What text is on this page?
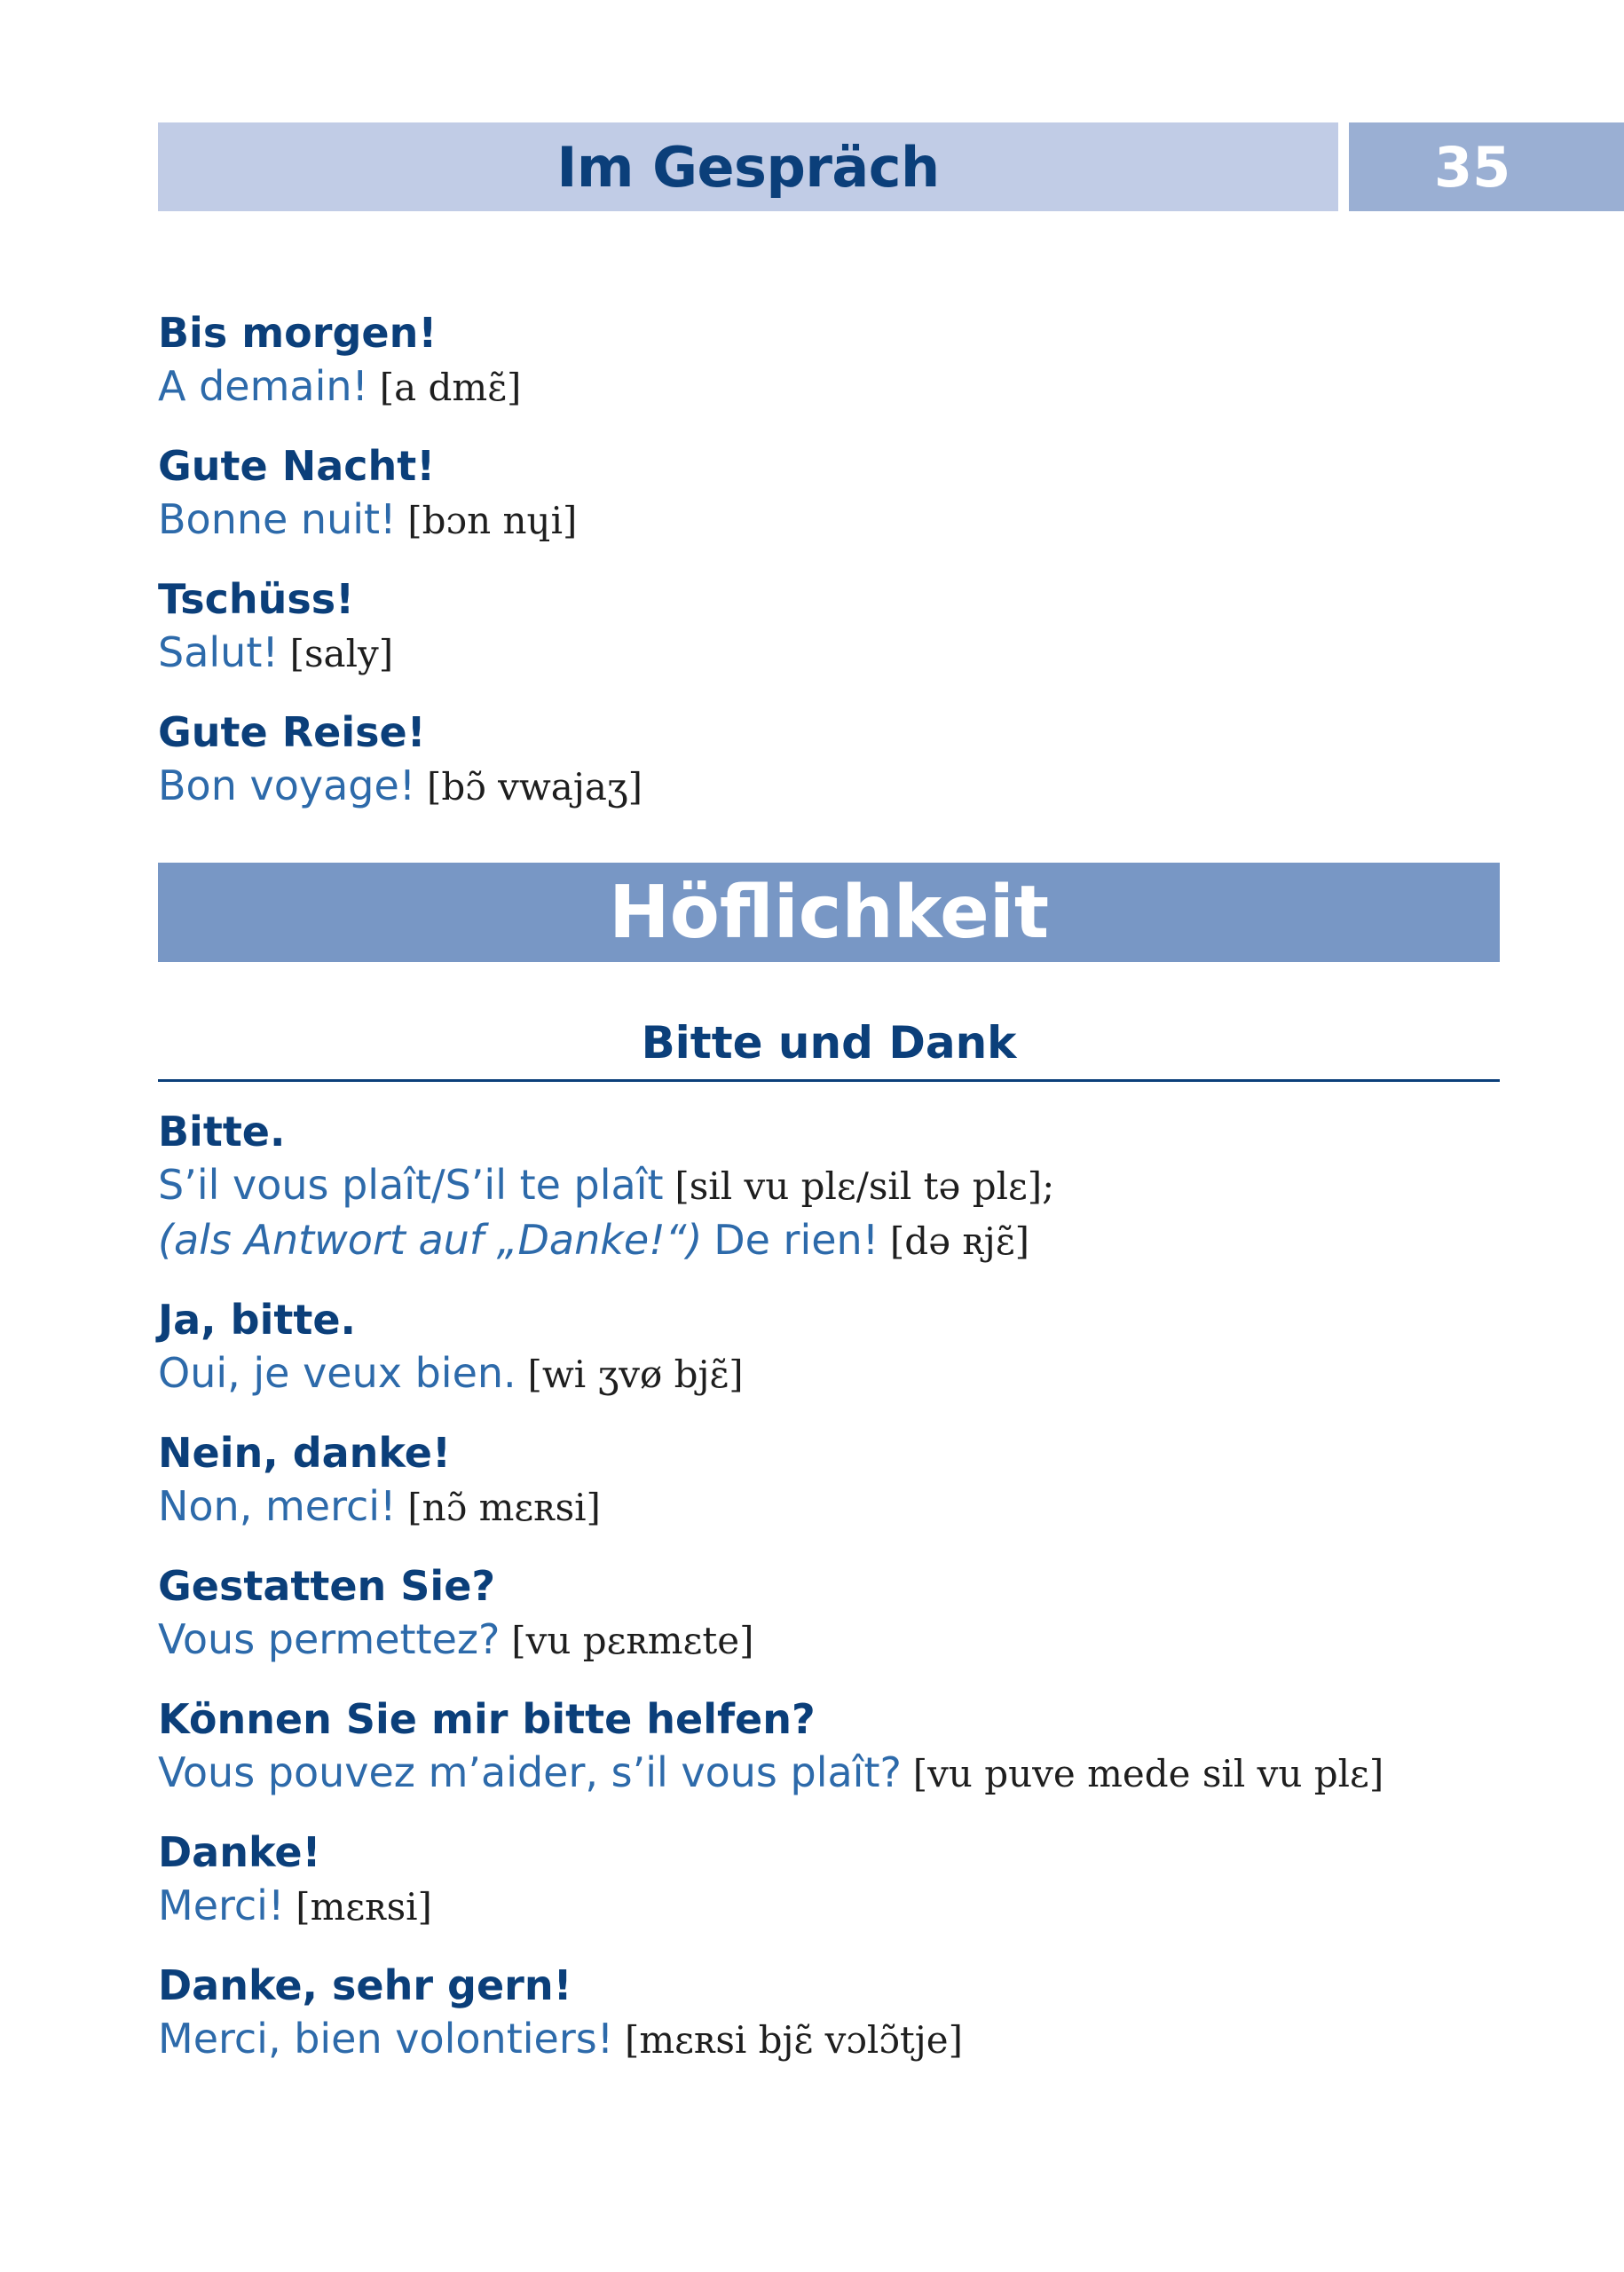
Im Gespräch	35
Bis morgen!
A demain! [a dmɛ̃]
Gute Nacht!
Bonne nuit! [bɔn nɥi]
Tschüss!
Salut! [saly]
Gute Reise!
Bon voyage! [bɔ̃ vwajaʒ]
Höflichkeit
Bitte und Dank
Bitte.
S’il vous plaît/S’il te plaît [sil vu plɛ/sil tə plɛ];
(als Antwort auf „Danke!“) De rien! [də ʀjɛ̃]
Ja, bitte.
Oui, je veux bien. [wi ʒvø bjɛ̃]
Nein, danke!
Non, merci! [nɔ̃ mɛʀsi]
Gestatten Sie?
Vous permettez? [vu pɛʀmɛte]
Können Sie mir bitte helfen?
Vous pouvez m’aider, s’il vous plaît? [vu puve mede sil vu plɛ]
Danke!
Merci! [mɛʀsi]
Danke, sehr gern!
Merci, bien volontiers! [mɛʀsi bjɛ̃ vɔlɔ̃tje]
